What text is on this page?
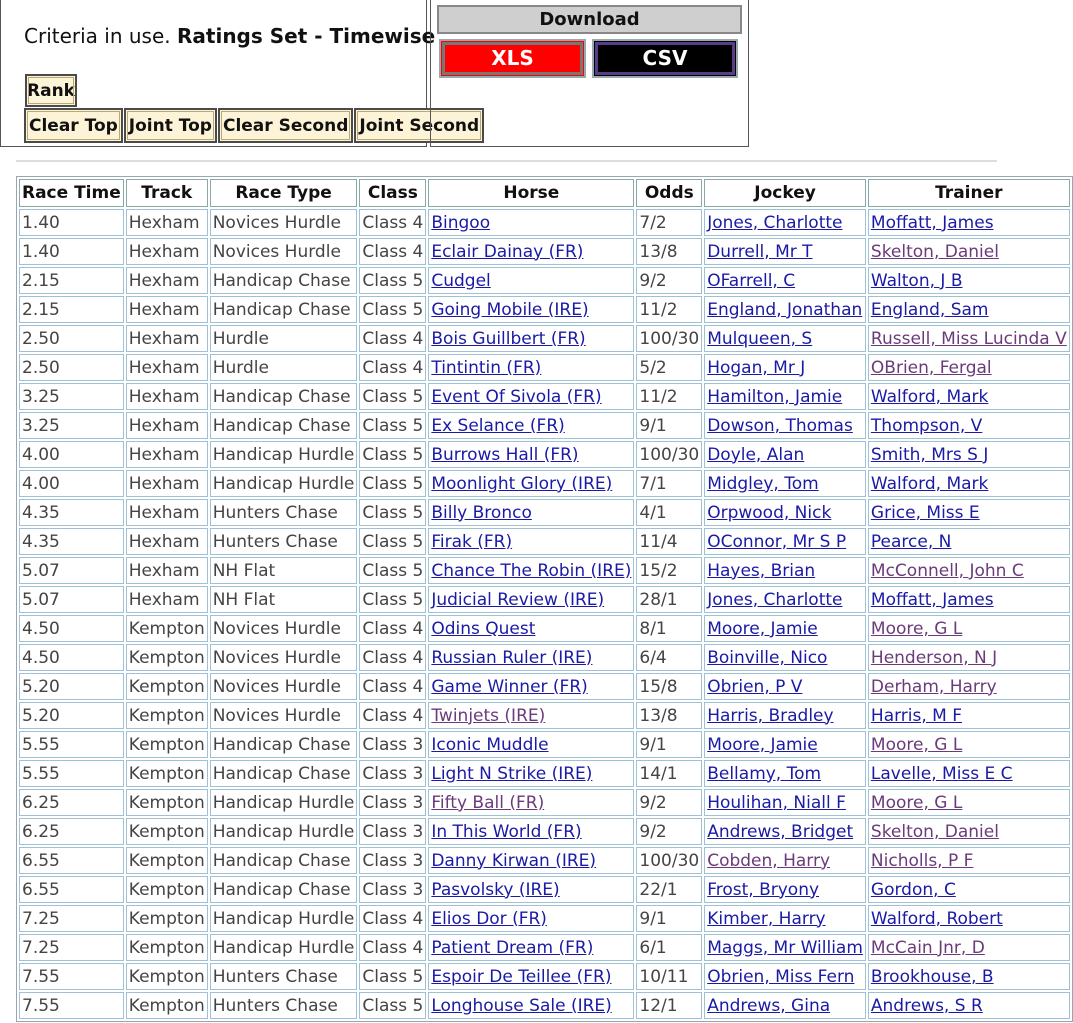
Criteria in use. Ratings Set - Timewise
Rank
Clear Top Joint Top Clear Second Joint Second
Download
XLS	CSV
Race Time	Track	Race Type	Class	Horse	Odds	Jockey	Trainer
1.40	Hexham	Novices Hurdle	Class 4	Bingoo	7/2	Jones, Charlotte	Moffatt, James
1.40	Hexham	Novices Hurdle	Class 4	Eclair Dainay (FR)	13/8	Durrell, Mr T	Skelton, Daniel
2.15	Hexham	Handicap Chase	Class 5	Cudgel	9/2	OFarrell, C	Walton, J B
2.15	Hexham	Handicap Chase	Class 5	Going Mobile (IRE)	11/2	England, Jonathan	England, Sam
2.50	Hexham	Hurdle	Class 4	Bois Guillbert (FR)	100/30	Mulqueen, S	Russell, Miss Lucinda V
2.50	Hexham	Hurdle	Class 4	Tintintin (FR)	5/2	Hogan, Mr J	OBrien, Fergal
3.25	Hexham	Handicap Chase	Class 5	Event Of Sivola (FR)	11/2	Hamilton, Jamie	Walford, Mark
3.25	Hexham	Handicap Chase	Class 5	Ex Selance (FR)	9/1	Dowson, Thomas	Thompson, V
4.00	Hexham	Handicap Hurdle	Class 5	Burrows Hall (FR)	100/30	Doyle, Alan	Smith, Mrs S J
4.00	Hexham	Handicap Hurdle	Class 5	Moonlight Glory (IRE)	7/1	Midgley, Tom	Walford, Mark
4.35	Hexham	Hunters Chase	Class 5	Billy Bronco	4/1	Orpwood, Nick	Grice, Miss E
4.35	Hexham	Hunters Chase	Class 5	Firak (FR)	11/4	OConnor, Mr S P	Pearce, N
5.07	Hexham	NH Flat	Class 5	Chance The Robin (IRE)	15/2	Hayes, Brian	McConnell, John C
5.07	Hexham	NH Flat	Class 5	Judicial Review (IRE)	28/1	Jones, Charlotte	Moffatt, James
4.50	Kempton	Novices Hurdle	Class 4	Odins Quest	8/1	Moore, Jamie	Moore, G L
4.50	Kempton	Novices Hurdle	Class 4	Russian Ruler (IRE)	6/4	Boinville, Nico	Henderson, N J
5.20	Kempton	Novices Hurdle	Class 4	Game Winner (FR)	15/8	Obrien, P V	Derham, Harry
5.20	Kempton	Novices Hurdle	Class 4	Twinjets (IRE)	13/8	Harris, Bradley	Harris, M F
5.55	Kempton	Handicap Chase	Class 3	Iconic Muddle	9/1	Moore, Jamie	Moore, G L
5.55	Kempton	Handicap Chase	Class 3	Light N Strike (IRE)	14/1	Bellamy, Tom	Lavelle, Miss E C
6.25	Kempton	Handicap Hurdle	Class 3	Fifty Ball (FR)	9/2	Houlihan, Niall F	Moore, G L
6.25	Kempton	Handicap Hurdle	Class 3	In This World (FR)	9/2	Andrews, Bridget	Skelton, Daniel
6.55	Kempton	Handicap Chase	Class 3	Danny Kirwan (IRE)	100/30	Cobden, Harry	Nicholls, P F
6.55	Kempton	Handicap Chase	Class 3	Pasvolsky (IRE)	22/1	Frost, Bryony	Gordon, C
7.25	Kempton	Handicap Hurdle	Class 4	Elios Dor (FR)	9/1	Kimber, Harry	Walford, Robert
7.25	Kempton	Handicap Hurdle	Class 4	Patient Dream (FR)	6/1	Maggs, Mr William	McCain Jnr, D
7.55	Kempton	Hunters Chase	Class 5	Espoir De Teillee (FR)	10/11	Obrien, Miss Fern	Brookhouse, B
7.55	Kempton	Hunters Chase	Class 5	Longhouse Sale (IRE)	12/1	Andrews, Gina	Andrews, S R
